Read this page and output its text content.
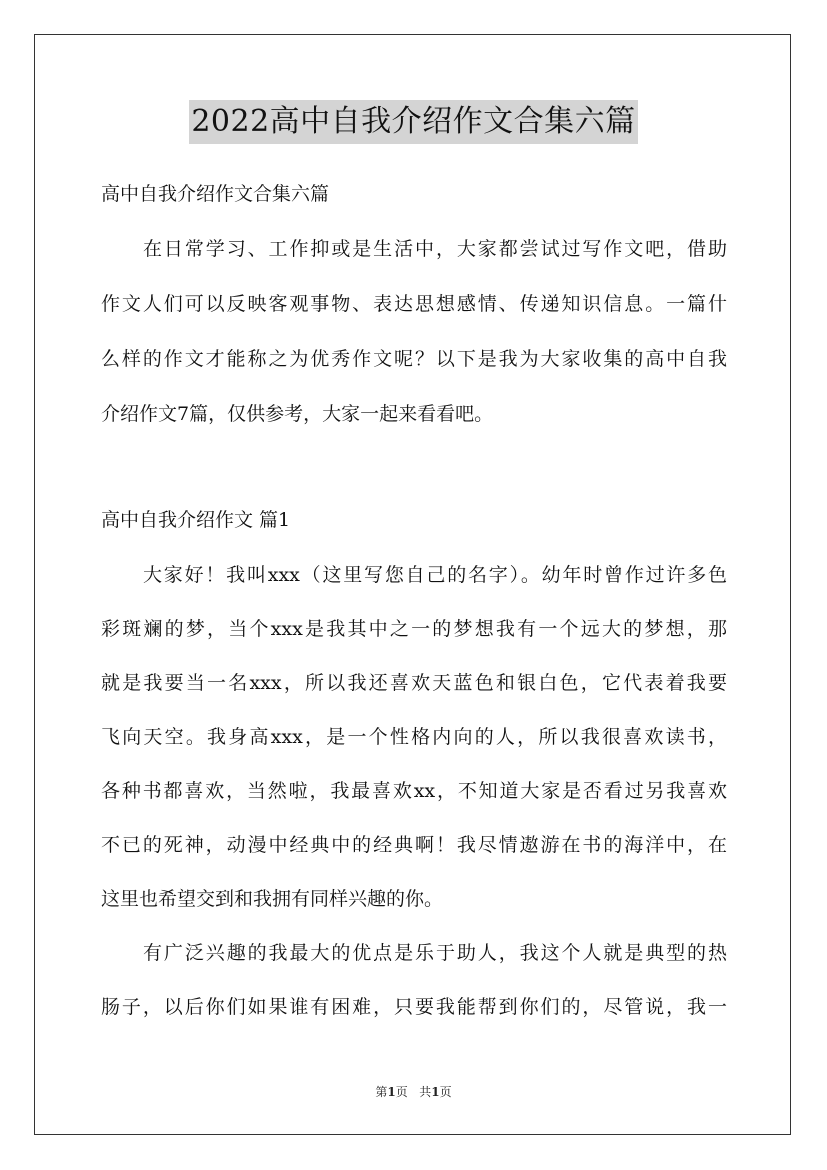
2022高中自我介绍作文合集六篇
高中自我介绍作文合集六篇
在日常学习、工作抑或是生活中，大家都尝试过写作文吧，借助
作文人们可以反映客观事物、表达思想感情、传递知识信息。一篇什
么样的作文才能称之为优秀作文呢？以下是我为大家收集的高中自我
介绍作文7篇，仅供参考，大家一起来看看吧。
高中自我介绍作文 篇1
大家好！我叫xxx（这里写您自己的名字）。幼年时曾作过许多色
彩斑斓的梦，当个xxx是我其中之一的梦想我有一个远大的梦想，那
就是我要当一名xxx，所以我还喜欢天蓝色和银白色，它代表着我要
飞向天空。我身高xxx，是一个性格内向的人，所以我很喜欢读书，
各种书都喜欢，当然啦，我最喜欢xx，不知道大家是否看过另我喜欢
不已的死神，动漫中经典中的经典啊！我尽情遨游在书的海洋中，在
这里也希望交到和我拥有同样兴趣的你。
有广泛兴趣的我最大的优点是乐于助人，我这个人就是典型的热
肠子，以后你们如果谁有困难，只要我能帮到你们的，尽管说，我一
第1页 共1页
